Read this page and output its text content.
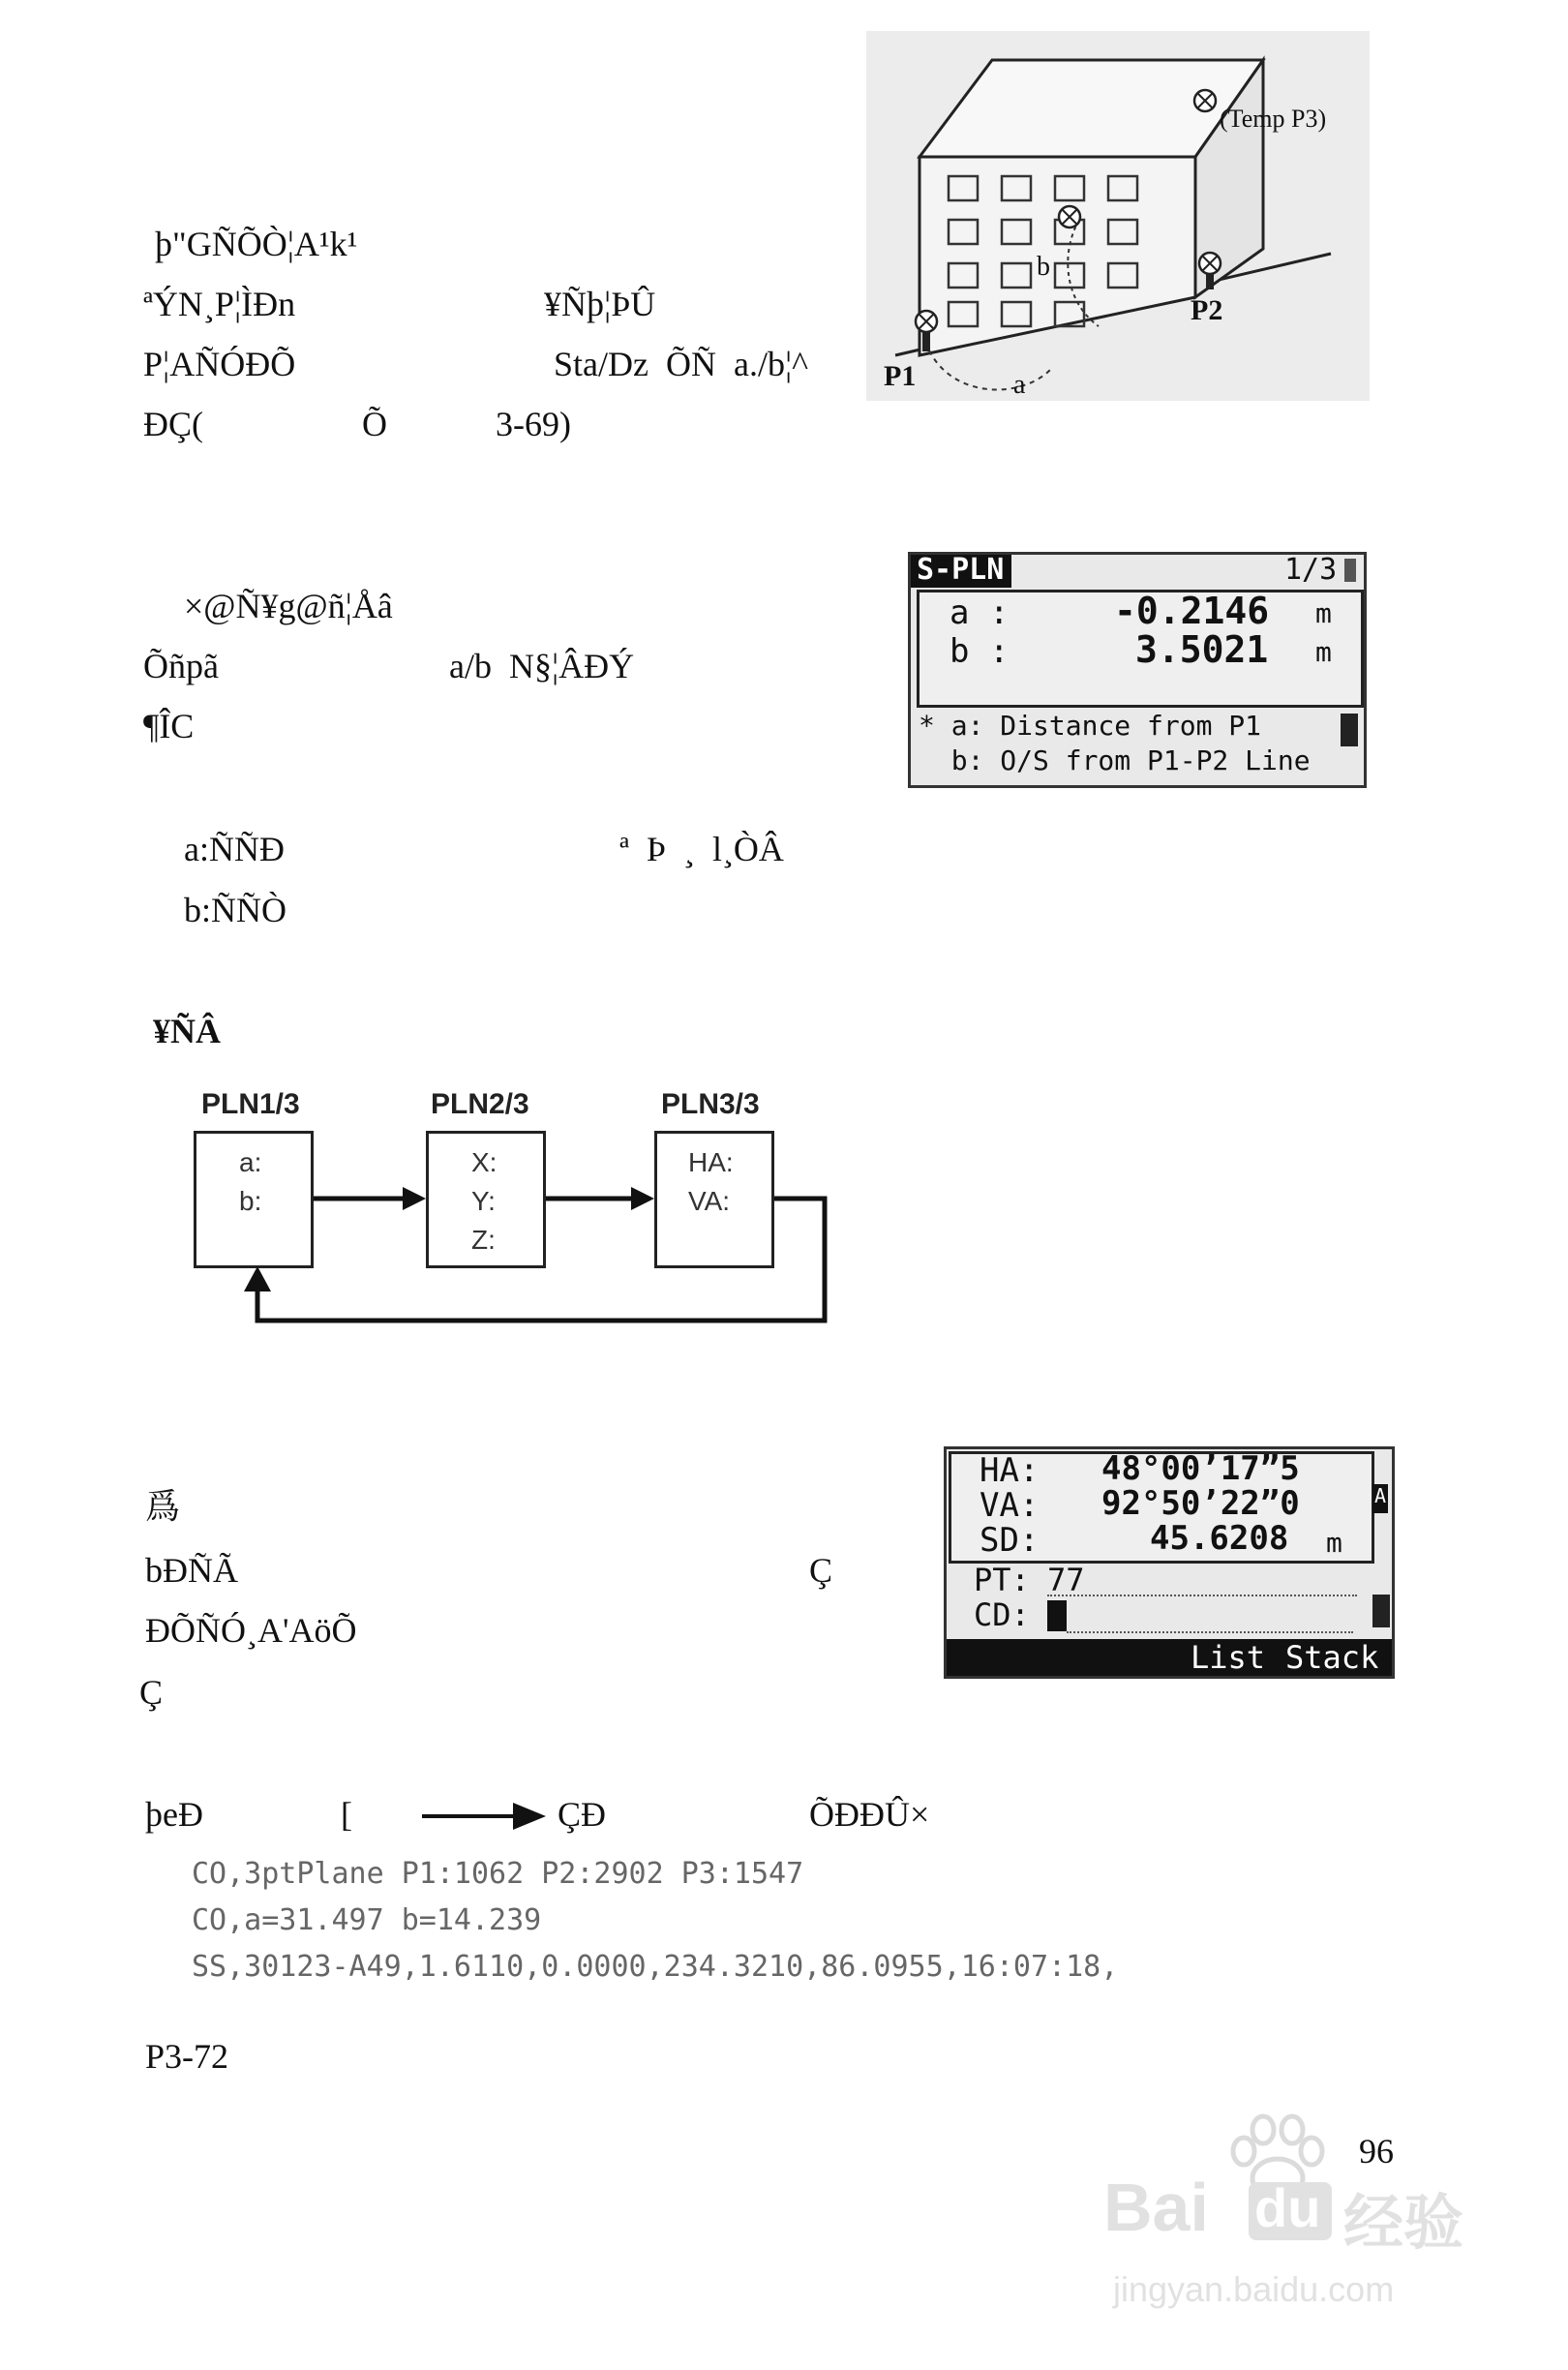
þ"GÑÕÒ¦A¹k¹
ªÝN¸P¦ÌÐn
P¦AÑÓÐÕ
ÐÇ(
¥Ñþ¦ÞÛ
Sta/Dz  ÕÑ  a./b¦^
Õ	3-69)
(Temp P3)
P1
P2
a
b
×@Ñ¥g@ñ¦Åâ
Õñpã
¶ÎC
a/b  N§¦ÂÐÝ
a:ÑÑÐ	ª  Þ  ¸  l¸ÒÂ
b:ÑÑÒ
S-PLN	1/3
a :	-0.2146 m
b :	3.5021 m
* a: Distance from P1
b: O/S from P1-P2 Line
¥ÑÂ
PLN1/3	PLN2/3	PLN3/3
a:
b:
X:
Y:
Z:
HA:
VA:
爲
bÐÑÃ
ÐÕÑÓ¸A'AöÕ
Ç
Ç
HA: 48°00’17”5
VA: 92°50’22”0
SD:	45.6208 m
A
PT: 77
CD:
List Stack
þeÐ	[	ÇÐ	ÕÐÐÛ×
CO,3ptPlane P1:1062 P2:2902 P3:1547
CO,a=31.497 b=14.239
SS,30123-A49,1.6110,0.0000,234.3210,86.0955,16:07:18,
P3-72
96
Bai du 经验
jingyan.baidu.com
